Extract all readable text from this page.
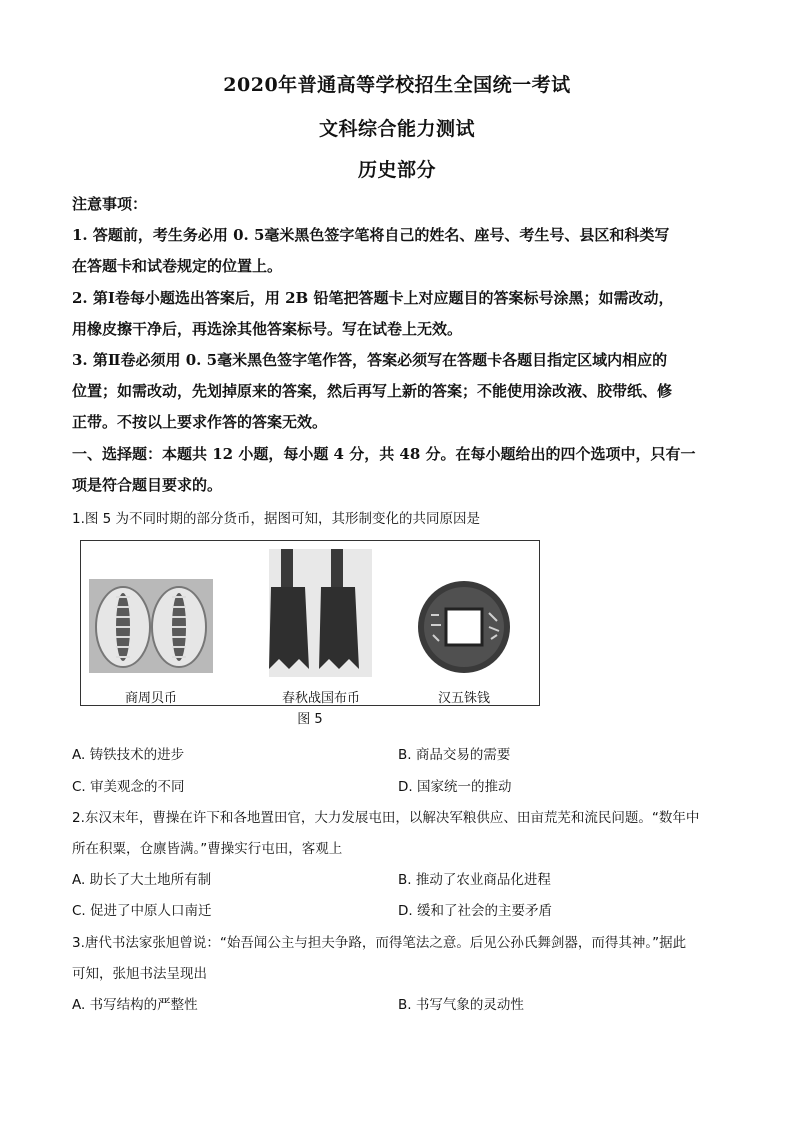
2020年普通高等学校招生全国统一考试
文科综合能力测试
历史部分
注意事项：
1. 答题前，考生务必用 0. 5毫米黑色签字笔将自己的姓名、座号、考生号、县区和科类写
在答题卡和试卷规定的位置上。
2. 第Ⅰ卷每小题选出答案后，用 2B 铅笔把答题卡上对应题目的答案标号涂黑；如需改动，
用橡皮擦干净后，再选涂其他答案标号。写在试卷上无效。
3. 第Ⅱ卷必须用 0. 5毫米黑色签字笔作答，答案必须写在答题卡各题目指定区域内相应的
位置；如需改动，先划掉原来的答案，然后再写上新的答案；不能使用涂改液、胶带纸、修
正带。不按以上要求作答的答案无效。
一、选择题：本题共 12 小题，每小题 4 分，共 48 分。在每小题给出的四个选项中，只有一
项是符合题目要求的。
1.图 5 为不同时期的部分货币，据图可知，其形制变化的共同原因是
商周贝币	春秋战国布币	汉五铢钱
图 5
A. 铸铁技术的进步	B. 商品交易的需要
C. 审美观念的不同	D. 国家统一的推动
2.东汉末年，曹操在许下和各地置田官，大力发展屯田，以解决军粮供应、田亩荒芜和流民问题。“数年中
所在积粟，仓廪皆满。”曹操实行屯田，客观上
A. 助长了大土地所有制	B. 推动了农业商品化进程
C. 促进了中原人口南迁	D. 缓和了社会的主要矛盾
3.唐代书法家张旭曾说：“始吾闻公主与担夫争路，而得笔法之意。后见公孙氏舞剑器，而得其神。”据此
可知，张旭书法呈现出
A. 书写结构的严整性	B. 书写气象的灵动性
